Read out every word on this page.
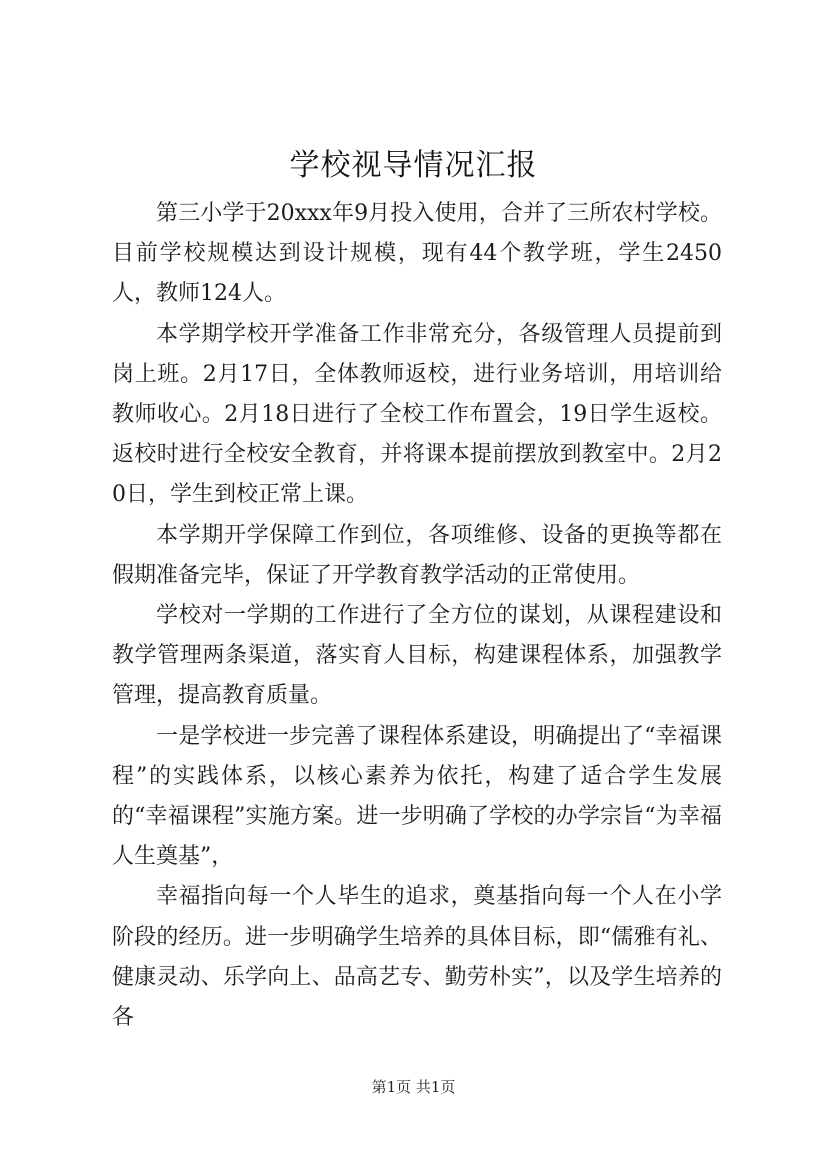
学校视导情况汇报

第三小学于20xxx年9月投入使用，合并了三所农村学校。目前学校规模达到设计规模，现有44个教学班，学生2450人，教师124人。

本学期学校开学准备工作非常充分，各级管理人员提前到岗上班。2月17日，全体教师返校，进行业务培训，用培训给教师收心。2月18日进行了全校工作布置会，19日学生返校。返校时进行全校安全教育，并将课本提前摆放到教室中。2月20日，学生到校正常上课。

本学期开学保障工作到位，各项维修、设备的更换等都在假期准备完毕，保证了开学教育教学活动的正常使用。

学校对一学期的工作进行了全方位的谋划，从课程建设和教学管理两条渠道，落实育人目标，构建课程体系，加强教学管理，提高教育质量。

一是学校进一步完善了课程体系建设，明确提出了“幸福课程”的实践体系，以核心素养为依托，构建了适合学生发展的“幸福课程”实施方案。进一步明确了学校的办学宗旨“为幸福人生奠基”，

幸福指向每一个人毕生的追求，奠基指向每一个人在小学阶段的经历。进一步明确学生培养的具体目标，即“儒雅有礼、健康灵动、乐学向上、品高艺专、勤劳朴实”，以及学生培养的各

第1页 共1页
